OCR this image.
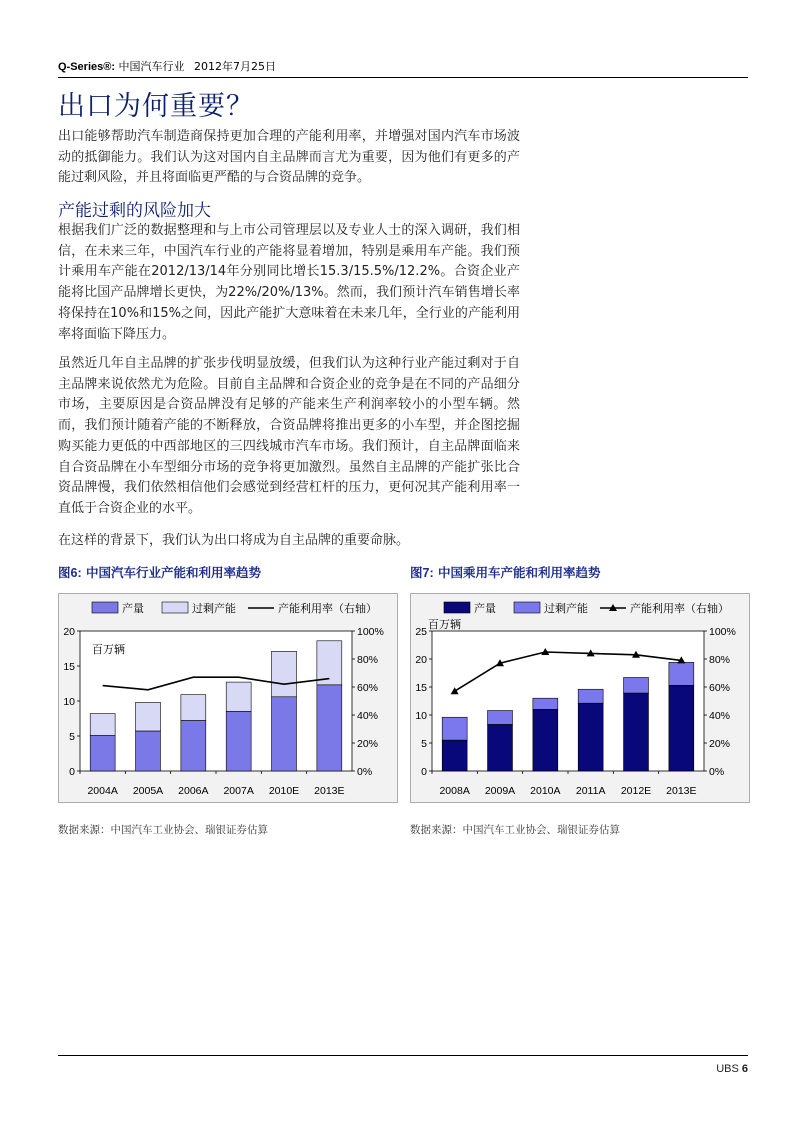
Q-Series®: 中国汽车行业 2012年7月25日
出口为何重要？

出口能够帮助汽车制造商保持更加合理的产能利用率，并增强对国内汽车市场波动的抵御能力。我们认为这对国内自主品牌而言尤为重要，因为他们有更多的产能过剩风险，并且将面临更严酷的与合资品牌的竞争。

产能过剩的风险加大

根据我们广泛的数据整理和与上市公司管理层以及专业人士的深入调研，我们相信，在未来三年，中国汽车行业的产能将显着增加，特别是乘用车产能。我们预计乘用车产能在2012/13/14年分别同比增长15.3/15.5%/12.2%。合资企业产能将比国产品牌增长更快，为22%/20%/13%。然而，我们预计汽车销售增长率将保持在10%和15%之间，因此产能扩大意味着在未来几年，全行业的产能利用率将面临下降压力。

虽然近几年自主品牌的扩张步伐明显放缓，但我们认为这种行业产能过剩对于自主品牌来说依然尤为危险。目前自主品牌和合资企业的竞争是在不同的产品细分市场，主要原因是合资品牌没有足够的产能来生产利润率较小的小型车辆。然而，我们预计随着产能的不断释放，合资品牌将推出更多的小车型，并企图挖掘购买能力更低的中西部地区的三四线城市汽车市场。我们预计，自主品牌面临来自合资品牌在小车型细分市场的竞争将更加激烈。虽然自主品牌的产能扩张比合资品牌慢，我们依然相信他们会感觉到经营杠杆的压力，更何况其产能利用率一直低于合资企业的水平。

在这样的背景下，我们认为出口将成为自主品牌的重要命脉。

图6: 中国汽车行业产能和利用率趋势	图7: 中国乘用车产能和利用率趋势
产量	过剩产能	产能利用率（右轴）
百万辆
0
5
10
15
20
0%
20%
40%
60%
80%
100%
2004A 2005A 2006A 2007A 2010E 2013E
产量	过剩产能	产能利用率（右轴）
百万辆
0
5
10
15
20
25
0%
20%
40%
60%
80%
100%
2008A 2009A 2010A 2011A 2012E 2013E
数据来源：中国汽车工业协会、瑞银证券估算	数据来源：中国汽车工业协会、瑞银证券估算
UBS 6
